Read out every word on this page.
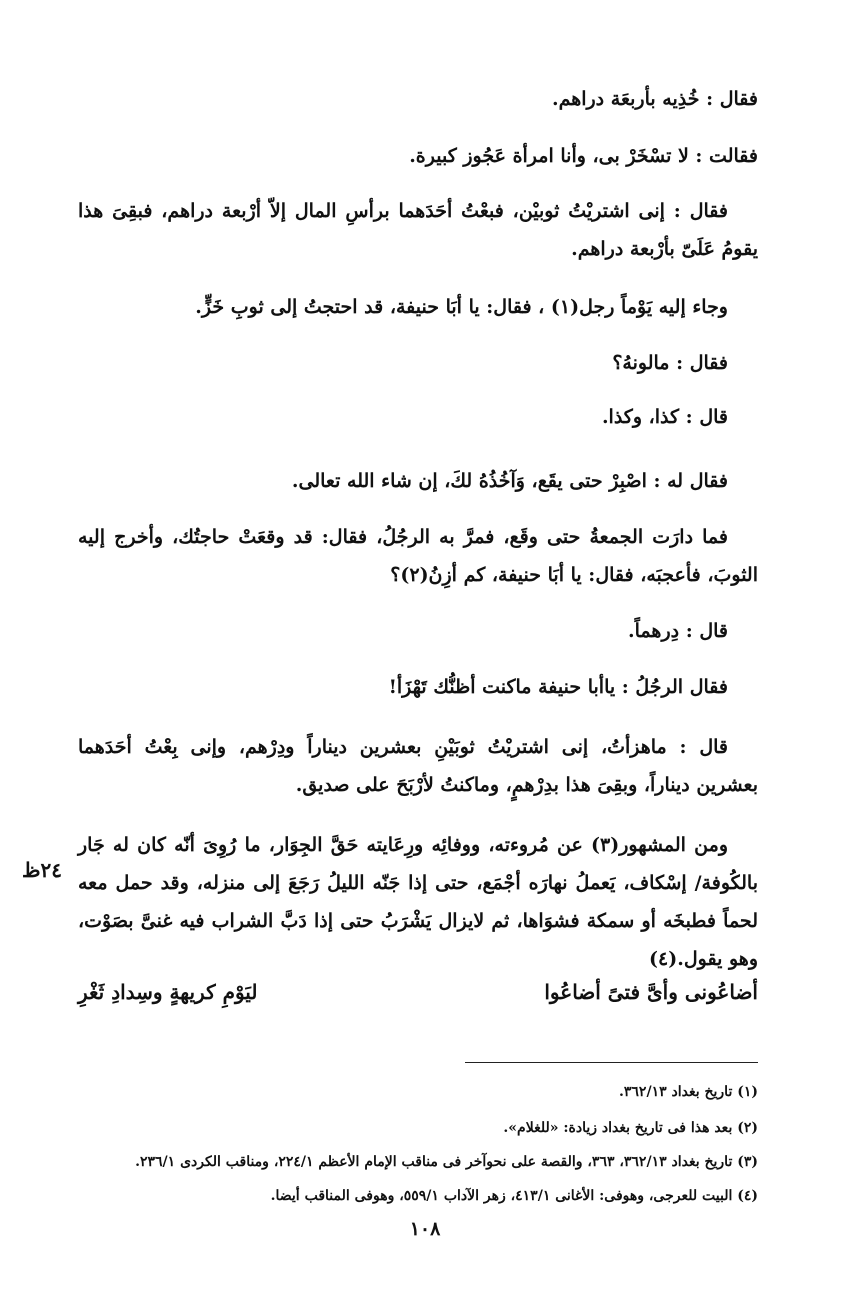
فقال : خُذِيه بأربعَة دراهم.

فقالت : لا تسْخَرْ بى، وأنا امرأة عَجُوز كبيرة.

فقال : إنى اشتريْتُ ثوبيْن، فبعْتُ أحَدَهما برأسِ المال إلاّ أرْبعة دراهم، فبقِىَ هذا يقومُ عَلَىّ بأرْبعة دراهم.

وجاء إليه يَوْماً رجل(١) ، فقال: يا أبَا حنيفة، قد احتجتُ إلى ثوبِ خَزٍّ.

فقال : مالونهُ؟

قال : كذا، وكذا.

فقال له : اصْبِرْ حتى يقَع، وَآخُذُهُ لكَ، إن شاء الله تعالى.

فما دارَت الجمعةُ حتى وقَع، فمرَّ به الرجُلُ، فقال: قد وقعَتْ حاجتُك، وأخرج إليه الثوبَ، فأعجبَه، فقال: يا أبَا حنيفة، كم أزِنُ(٢)؟

قال : دِرهماً.

فقال الرجُلُ : ياأبا حنيفة ماكنت أظنُّك تَهْزَأ!

قال : ماهزأتُ، إنى اشتريْتُ ثوبَيْنِ بعشرين ديناراً ودِرْهم، وإنى بِعْتُ أحَدَهما بعشرين ديناراً، وبقِىَ هذا بدِرْهمٍ، وماكنتُ لأرْبَحَ على صديق.

ومن المشهور(٣) عن مُروءته، ووفائِه ورِعَايته حَقَّ الجِوَار، ما رُوِىَ أنّه كان له جَار بالكُوفة/ إسْكاف، يَعملُ نهارَه أجْمَع، حتى إذا جَنّه الليلُ رَجَعَ إلى منزله، وقد حمل معه لحماً فطبخَه أو سمكة فشوَاها، ثم لايزال يَشْرَبُ حتى إذا دَبَّ الشراب فيه غنىَّ بصَوْت، وهو يقول.(٤)

٢٤ظ
أضاعُونى وأىَّ فتىً أضاعُوا
ليَوْمِ كريهةٍ وسِدادِ ثَغْرِ

(١) تاريخ بغداد ٣٦٢/١٣.

(٢) بعد هذا فى تاريخ بغداد زيادة: «للغلام».

(٣) تاريخ بغداد ٣٦٢/١٣، ٣٦٣، والقصة على نحوآخر فى مناقب الإمام الأعظم ٢٢٤/١، ومناقب الكردى ٢٣٦/١.

(٤) البيت للعرجى، وهوفى: الأغانى ٤١٣/١، زهر الآداب ٥٥٩/١، وهوفى المناقب أيضا.

١٠٨
